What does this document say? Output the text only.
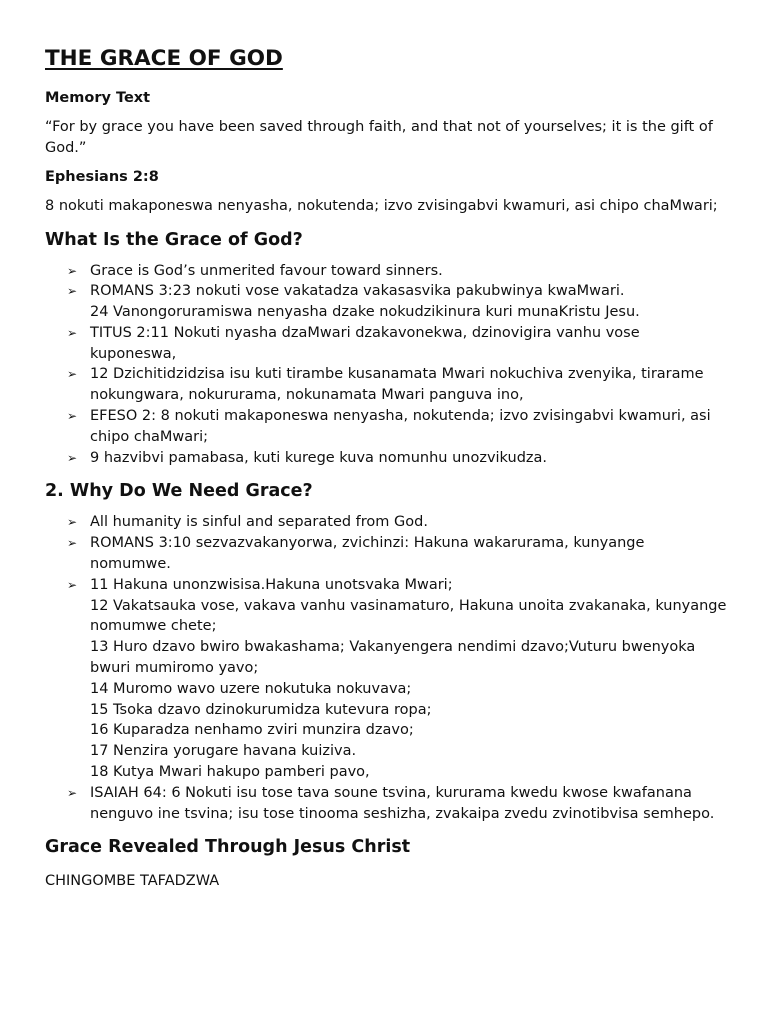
THE GRACE OF GOD
Memory Text

“For by grace you have been saved through faith, and that not of yourselves; it is the gift of God.”

Ephesians 2:8

8 nokuti makaponeswa nenyasha, nokutenda; izvo zvisingabvi kwamuri, asi chipo chaMwari;

What Is the Grace of God?
➢ Grace is God’s unmerited favour toward sinners.
➢ ROMANS 3:23 nokuti vose vakatadza vakasasvika pakubwinya kwaMwari.
24 Vanongoruramiswa nenyasha dzake nokudzikinura kuri munaKristu Jesu.
➢ TITUS 2:11 Nokuti nyasha dzaMwari dzakavonekwa, dzinovigira vanhu vose kuponeswa,
➢ 12 Dzichitidzidzisa isu kuti tirambe kusanamata Mwari nokuchiva zvenyika, tirarame nokungwara, nokururama, nokunamata Mwari panguva ino,
➢ EFESO 2: 8 nokuti makaponeswa nenyasha, nokutenda; izvo zvisingabvi kwamuri, asi chipo chaMwari;
➢ 9 hazvibvi pamabasa, kuti kurege kuva nomunhu unozvikudza.
2. Why Do We Need Grace?
➢ All humanity is sinful and separated from God.
➢ ROMANS 3:10 sezvazvakanyorwa, zvichinzi: Hakuna wakarurama, kunyange nomumwe.
➢ 11 Hakuna unonzwisisa.Hakuna unotsvaka Mwari;
12 Vakatsauka vose, vakava vanhu vasinamaturo, Hakuna unoita zvakanaka, kunyange nomumwe chete;
13 Huro dzavo bwiro bwakashama; Vakanyengera nendimi dzavo;Vuturu bwenyoka bwuri mumiromo yavo;
14 Muromo wavo uzere nokutuka nokuvava;
15 Tsoka dzavo dzinokurumidza kutevura ropa;
16 Kuparadza nenhamo zviri munzira dzavo;
17 Nenzira yorugare havana kuiziva.
18 Kutya Mwari hakupo pamberi pavo,
➢ ISAIAH 64: 6 Nokuti isu tose tava soune tsvina, kururama kwedu kwose kwafanana nenguvo ine tsvina; isu tose tinooma seshizha, zvakaipa zvedu zvinotibvisa semhepo.
Grace Revealed Through Jesus Christ

CHINGOMBE TAFADZWA
